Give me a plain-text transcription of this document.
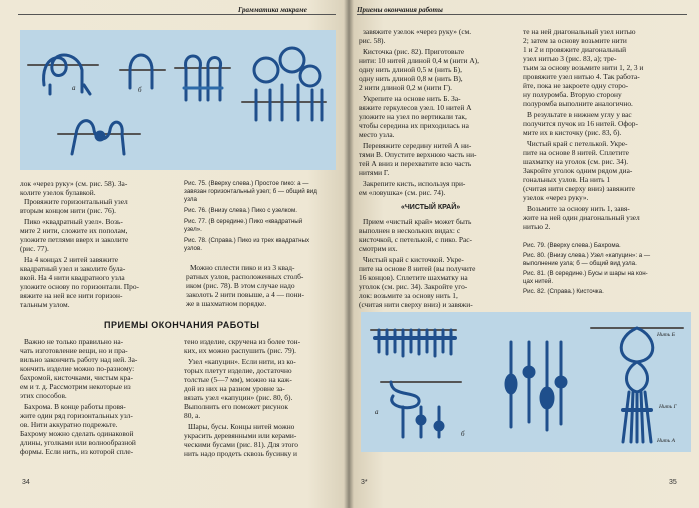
Грамматика макраме
а	б
лок «через руку» (см. рис. 58). За-
колите узелок булавкой.
Провяжите горизонтальный узел
вторым концом нити (рис. 76).
Пико «квадратный узел». Возь-
мите 2 нити, сложите их пополам,
уложите петлями вверх и заколите
(рис. 77).
На 4 концах 2 нитей завяжите
квадратный узел и заколите була-
вкой. На 4 нити квадратного узла
уложите основу по горизонтали. Про-
вяжите на ней все нити горизон-
тальным узлом.
Рис. 75. (Вверху слева.) Простое пико: а —
завязан горизонтальный узел; б — общий вид
узла
Рис. 76. (Внизу слева.) Пико с узелком.
Рис. 77. (В середине.) Пико «квадратный
узел».
Рис. 78. (Справа.) Пико из трех квадратных
узлов.
Можно сплести пико и из 3 квад-
ратных узлов, расположенных столб-
иком (рис. 78). В этом случае надо
заколоть 2 нити повыше, а 4 — пони-
же в шахматном порядке.
ПРИЕМЫ ОКОНЧАНИЯ РАБОТЫ
Важно не только правильно на-
чать изготовление вещи, но и пра-
вильно закончить работу над ней. За-
кончить изделие можно по-разному:
бахромой, кисточками, чистым кра-
ем и т. д. Рассмотрим некоторые из
этих способов.
Бахрома. В конце работы провя-
жите один ряд горизонтальных узл-
ов. Нити аккуратно подрежьте.
Бахрому можно сделать одинаковой
длины, уголками или волнообразной
формы. Если нить, из которой спле-
тено изделие, скручена из более тон-
ких, их можно распушить (рис. 79).
Узел «капуцин». Если нити, из ко-
торых плетут изделие, достаточно
толстые (5—7 мм), можно на каж-
дой из них на разном уровне за-
вязать узел «капуцин» (рис. 80, б).
Выполнить его поможет рисунок
80, а.
Шары, бусы. Концы нитей можно
украсить деревянными или керами-
ческими бусами (рис. 81). Для этого
нить надо продеть сквозь бусинку и
34
Приемы окончания работы
завяжите узелок «через руку» (см.
рис. 58).
Кисточка (рис. 82). Приготовьте
нити: 10 нитей длиной 0,4 м (нити А),
одну нить длиной 0,5 м (нить Б),
одну нить длиной 0,8 м (нить В),
2 нити длиной 0,2 м (нити Г).
Укрепите на основе нить Б. За-
вяжите геркулесов узел. 10 нитей А
уложите на узел по вертикали так,
чтобы середина их приходилась на
место узла.
Перевяжите середину нитей А ни-
тями В. Опустите верхнюю часть ни-
тей А вниз и перехватите всю часть
нитями Г.
Закрепите кисть, используя при-
ем «ловушка» (см. рис. 74).
«ЧИСТЫЙ КРАЙ»
Прием «чистый край» может быть
выполнен в нескольких видах: с
кисточкой, с петелькой, с пико. Рас-
смотрим их.
Чистый край с кисточкой. Укре-
пите на основе 8 нитей (вы получите
16 концов). Сплетите шахматку на
уголок (см. рис. 34). Закройте уго-
лок: возьмите за основу нить 1,
(считая нити сверху вниз) и завяжи-
те на ней диагональный узел нитью
2; затем за основу возьмите нити
1 и 2 и провяжите диагональный
узел нитью 3 (рис. 83, а); тре-
тьим за основу возьмите нити 1, 2, 3 и
провяжите узел нитью 4. Так работа-
йте, пока не закроете одну сторо-
ну полуромба. Вторую сторону
полуромба выполните аналогично.
В результате в нижнем углу у вас
получится пучок из 16 нитей. Офор-
мите их в кисточку (рис. 83, б).
Чистый край с петелькой. Укре-
пите на основе 8 нитей. Сплетите
шахматку на уголок (см. рис. 34).
Закройте уголок одним рядом диа-
гональных узлов. На нить 1
(считая нити сверху вниз) завяжите
узелок «через руку».
Возьмите за основу нить 1, завя-
жите на ней один диагональный узел
нитью 2.
Рис. 79. (Вверху слева.) Бахрома.
Рис. 80. (Внизу слева.) Узел «капуцин»: а —
выполнение узла; б — общий вид узла.
Рис. 81. (В середине.) Бусы и шары на кон-
цах нитей.
Рис. 82. (Справа.) Кисточка.
а
б
Нить Б
Нить Г
Нить А
3*	35
